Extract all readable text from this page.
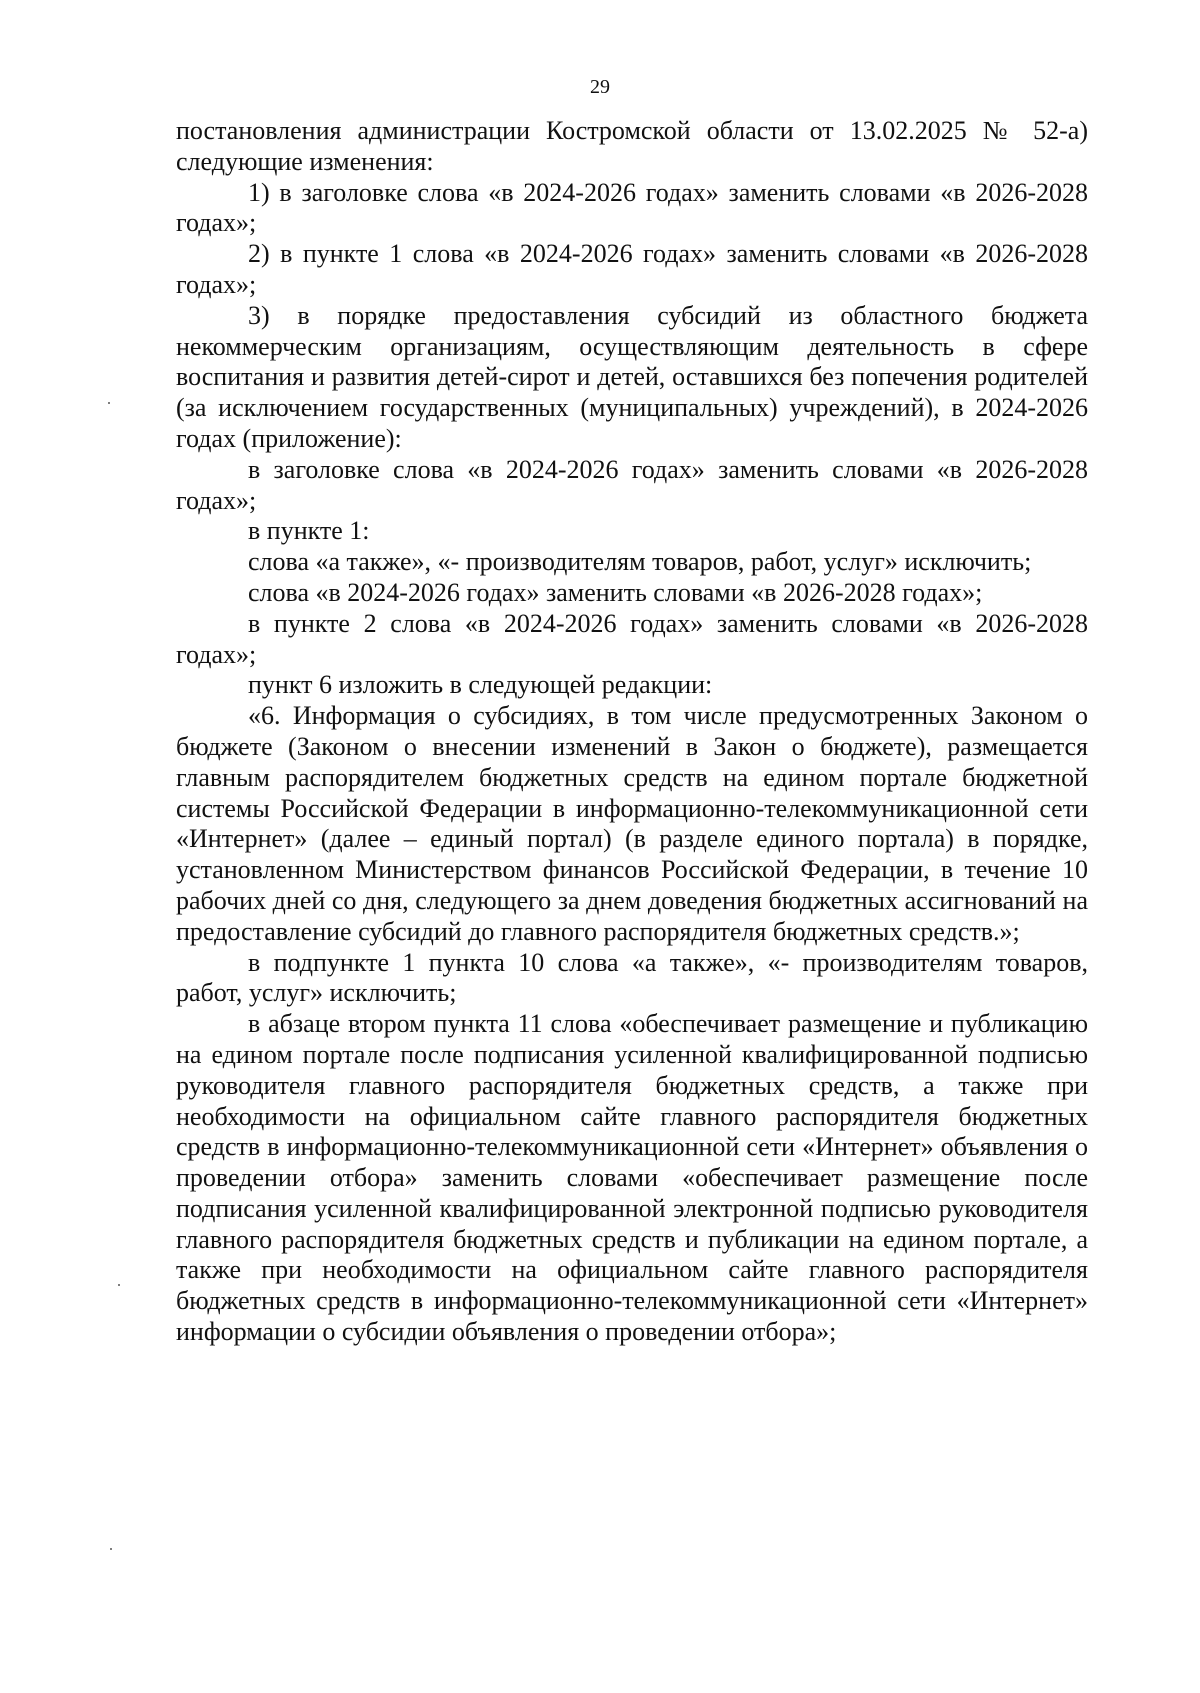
29

постановления администрации Костромской области от 13.02.2025 № 52-а) следующие изменения:

1) в заголовке слова «в 2024-2026 годах» заменить словами «в 2026-2028 годах»;

2) в пункте 1 слова «в 2024-2026 годах» заменить словами «в 2026-2028 годах»;

3) в порядке предоставления субсидий из областного бюджета некоммерческим организациям, осуществляющим деятельность в сфере воспитания и развития детей-сирот и детей, оставшихся без попечения родителей (за исключением государственных (муниципальных) учреждений), в 2024-2026 годах (приложение):

в заголовке слова «в 2024-2026 годах» заменить словами «в 2026-2028 годах»;

в пункте 1:

слова «а также», «- производителям товаров, работ, услуг» исключить;

слова «в 2024-2026 годах» заменить словами «в 2026-2028 годах»;

в пункте 2 слова «в 2024-2026 годах» заменить словами «в 2026-2028 годах»;

пункт 6 изложить в следующей редакции:

«6. Информация о субсидиях, в том числе предусмотренных Законом о бюджете (Законом о внесении изменений в Закон о бюджете), размещается главным распорядителем бюджетных средств на едином портале бюджетной системы Российской Федерации в информационно-телекоммуникационной сети «Интернет» (далее – единый портал) (в разделе единого портала) в порядке, установленном Министерством финансов Российской Федерации, в течение 10 рабочих дней со дня, следующего за днем доведения бюджетных ассигнований на предоставление субсидий до главного распорядителя бюджетных средств.»;

в подпункте 1 пункта 10 слова «а также», «- производителям товаров, работ, услуг» исключить;

в абзаце втором пункта 11 слова «обеспечивает размещение и публикацию на едином портале после подписания усиленной квалифицированной подписью руководителя главного распорядителя бюджетных средств, а также при необходимости на официальном сайте главного распорядителя бюджетных средств в информационно-телекоммуникационной сети «Интернет» объявления о проведении отбора» заменить словами «обеспечивает размещение после подписания усиленной квалифицированной электронной подписью руководителя главного распорядителя бюджетных средств и публикации на едином портале, а также при необходимости на официальном сайте главного распорядителя бюджетных средств в информационно-телекоммуникационной сети «Интернет» информации о субсидии объявления о проведении отбора»;
